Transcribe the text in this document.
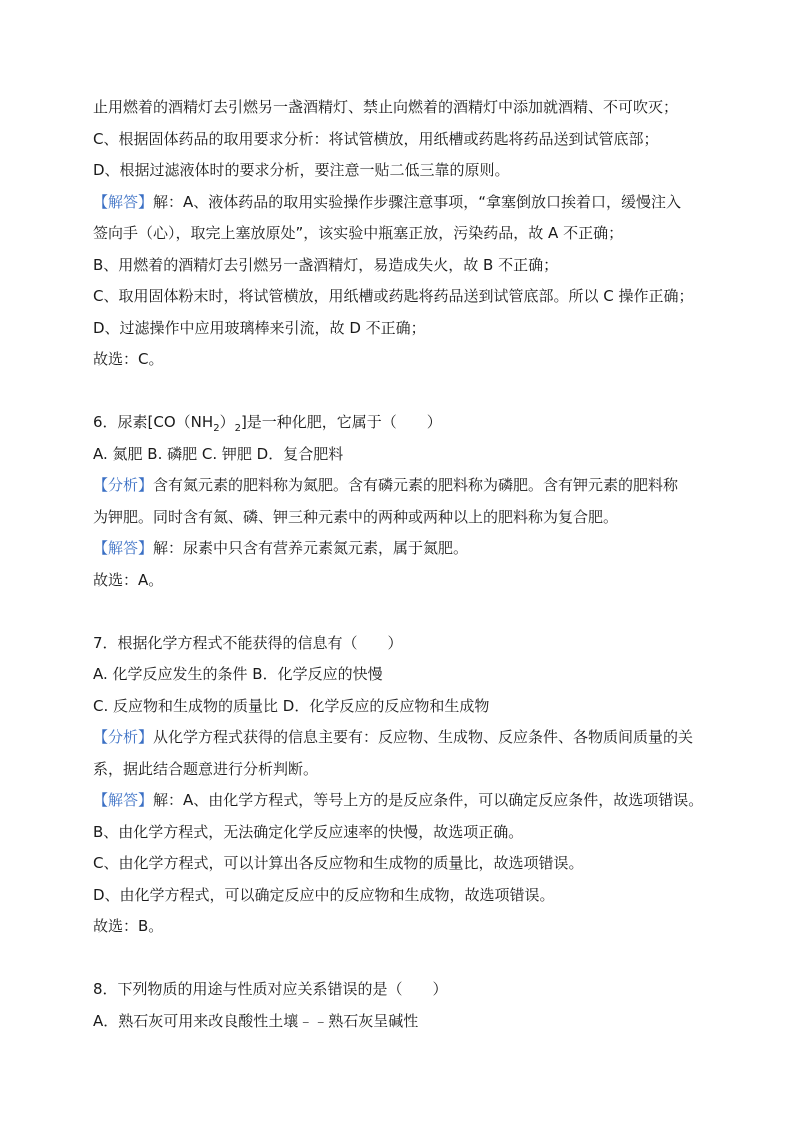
止用燃着的酒精灯去引燃另一盏酒精灯、禁止向燃着的酒精灯中添加就酒精、不可吹灭；
C、根据固体药品的取用要求分析：将试管横放，用纸槽或药匙将药品送到试管底部；
D、根据过滤液体时的要求分析，要注意一贴二低三靠的原则。
【解答】解：A、液体药品的取用实验操作步骤注意事项，“拿塞倒放口挨着口，缓慢注入
签向手（心），取完上塞放原处”，该实验中瓶塞正放，污染药品，故 A 不正确；
B、用燃着的酒精灯去引燃另一盏酒精灯，易造成失火，故 B 不正确；
C、取用固体粉末时，将试管横放，用纸槽或药匙将药品送到试管底部。所以 C 操作正确；
D、过滤操作中应用玻璃棒来引流，故 D 不正确；
故选：C。
6．尿素$[CO(NH_2)_2]$是一种化肥，它属于（　　）
A. 氮肥 B. 磷肥 C. 钾肥 D．复合肥料
【分析】含有氮元素的肥料称为氮肥。含有磷元素的肥料称为磷肥。含有钾元素的肥料称
为钾肥。同时含有氮、磷、钾三种元素中的两种或两种以上的肥料称为复合肥。
【解答】解：尿素中只含有营养元素氮元素，属于氮肥。
故选：A。
7．根据化学方程式不能获得的信息有（　　）
A. 化学反应发生的条件 B．化学反应的快慢
C. 反应物和生成物的质量比 D．化学反应的反应物和生成物
【分析】从化学方程式获得的信息主要有：反应物、生成物、反应条件、各物质间质量的关
系，据此结合题意进行分析判断。
【解答】解：A、由化学方程式，等号上方的是反应条件，可以确定反应条件，故选项错误。
B、由化学方程式，无法确定化学反应速率的快慢，故选项正确。
C、由化学方程式，可以计算出各反应物和生成物的质量比，故选项错误。
D、由化学方程式，可以确定反应中的反应物和生成物，故选项错误。
故选：B。
8．下列物质的用途与性质对应关系错误的是（　　）
A．熟石灰可用来改良酸性土壤﹣﹣熟石灰呈碱性
